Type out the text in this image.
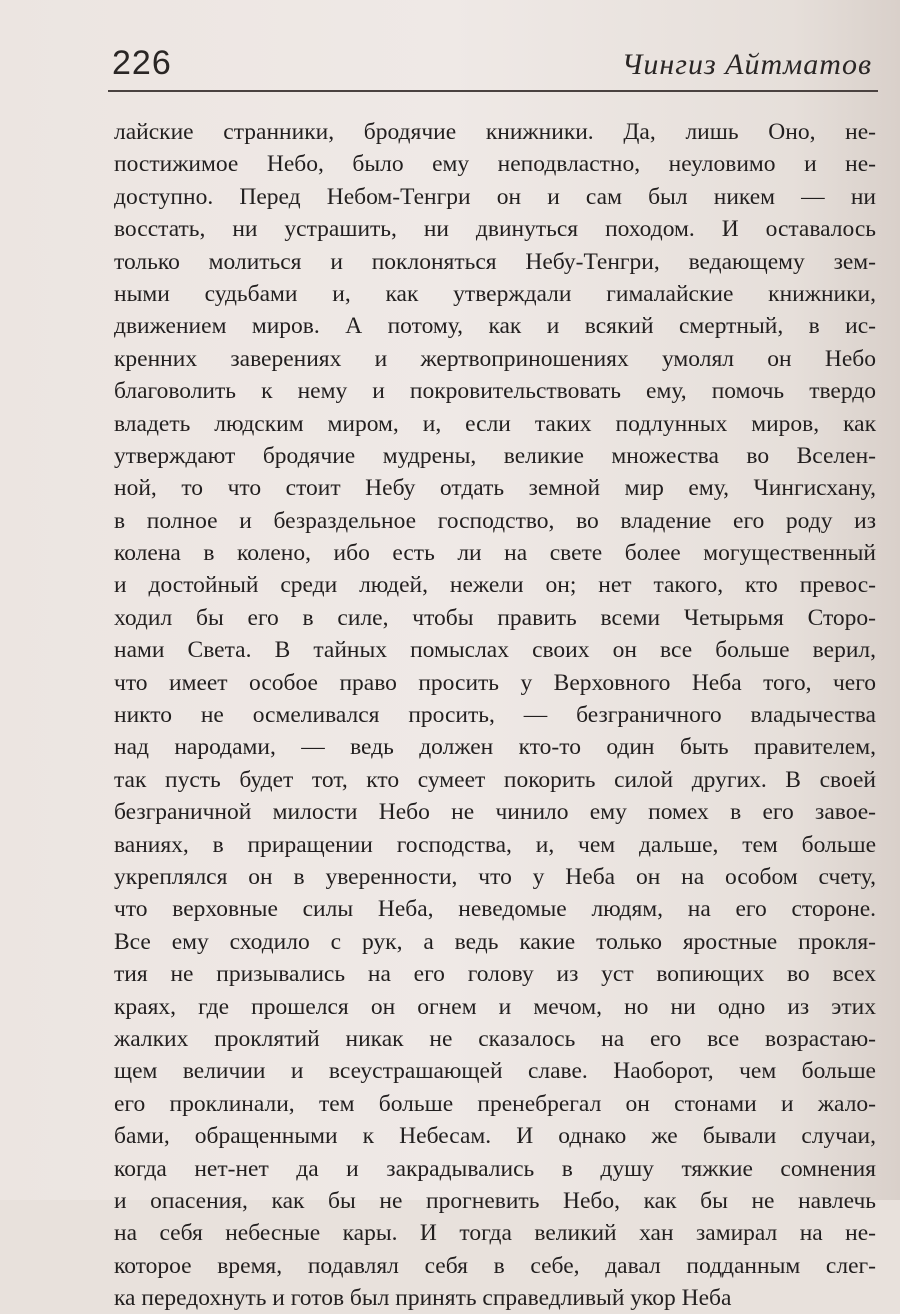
226	Чингиз Айтматов
лайские странники, бродячие книжники. Да, лишь Оно, не-
постижимое Небо, было ему неподвластно, неуловимо и не-
доступно. Перед Небом-Тенгри он и сам был никем — ни
восстать, ни устрашить, ни двинуться походом. И оставалось
только молиться и поклоняться Небу-Тенгри, ведающему зем-
ными судьбами и, как утверждали гималайские книжники,
движением миров. А потому, как и всякий смертный, в ис-
кренних заверениях и жертвоприношениях умолял он Небо
благоволить к нему и покровительствовать ему, помочь твердо
владеть людским миром, и, если таких подлунных миров, как
утверждают бродячие мудрены, великие множества во Вселен-
ной, то что стоит Небу отдать земной мир ему, Чингисхану,
в полное и безраздельное господство, во владение его роду из
колена в колено, ибо есть ли на свете более могущественный
и достойный среди людей, нежели он; нет такого, кто превос-
ходил бы его в силе, чтобы править всеми Четырьмя Сторо-
нами Света. В тайных помыслах своих он все больше верил,
что имеет особое право просить у Верховного Неба того, чего
никто не осмеливался просить, — безграничного владычества
над народами, — ведь должен кто-то один быть правителем,
так пусть будет тот, кто сумеет покорить силой других. В своей
безграничной милости Небо не чинило ему помех в его завое-
ваниях, в приращении господства, и, чем дальше, тем больше
укреплялся он в уверенности, что у Неба он на особом счету,
что верховные силы Неба, неведомые людям, на его стороне.
Все ему сходило с рук, а ведь какие только яростные прокля-
тия не призывались на его голову из уст вопиющих во всех
краях, где прошелся он огнем и мечом, но ни одно из этих
жалких проклятий никак не сказалось на его все возрастаю-
щем величии и всеустрашающей славе. Наоборот, чем больше
его проклинали, тем больше пренебрегал он стонами и жало-
бами, обращенными к Небесам. И однако же бывали случаи,
когда нет-нет да и закрадывались в душу тяжкие сомнения
и опасения, как бы не прогневить Небо, как бы не навлечь
на себя небесные кары. И тогда великий хан замирал на не-
которое время, подавлял себя в себе, давал подданным слег-
ка передохнуть и готов был принять справедливый укор Неба
